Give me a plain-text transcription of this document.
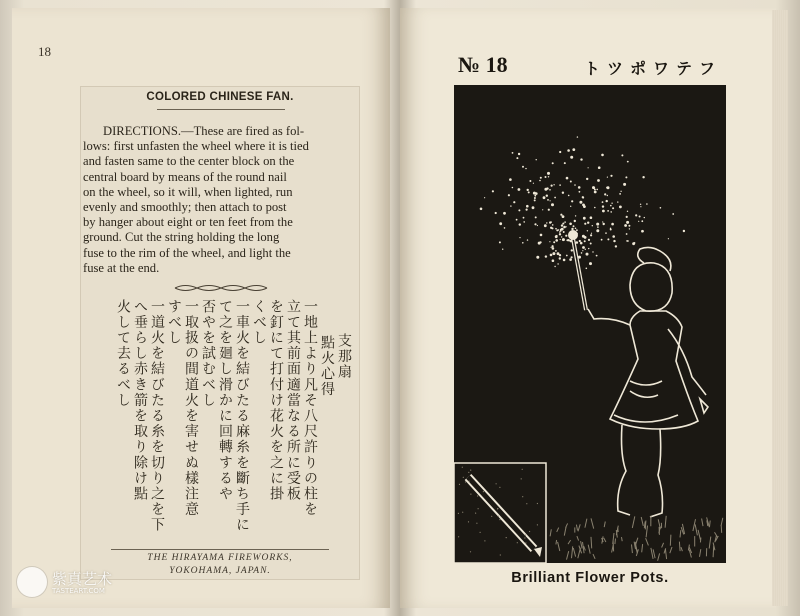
18
COLORED CHINESE FAN.
DIRECTIONS.—These are fired as fol-
lows: first unfasten the wheel where it is tied
and fasten same to the center block on the
central board by means of the round nail
on the wheel, so it will, when lighted, run
evenly and smoothly; then attach to post
by hanger about eight or ten feet from the
ground. Cut the string holding the long
fuse to the rim of the wheel, and light the
fuse at the end.
支那扇
點火心得
一地上より凡そ八尺許りの柱を
立て其前面適當なる所に受板
を釘にて打付け花火を之に掛
くべし
一車火を結びたる麻糸を斷ち手に
て之を廻し滑かに回轉するや
否やを試むべし
一取扱の間道火を害せぬ樣注意
すべし
一道火を結びたる糸を切り之を下
へ垂らし赤き箭を取り除け點
火して去るべし
THE HIRAYAMA FIREWORKS,
YOKOHAMA, JAPAN.
紫真艺术
TASTEART.COM
№ 18	トツポワテフ
Brilliant Flower Pots.
